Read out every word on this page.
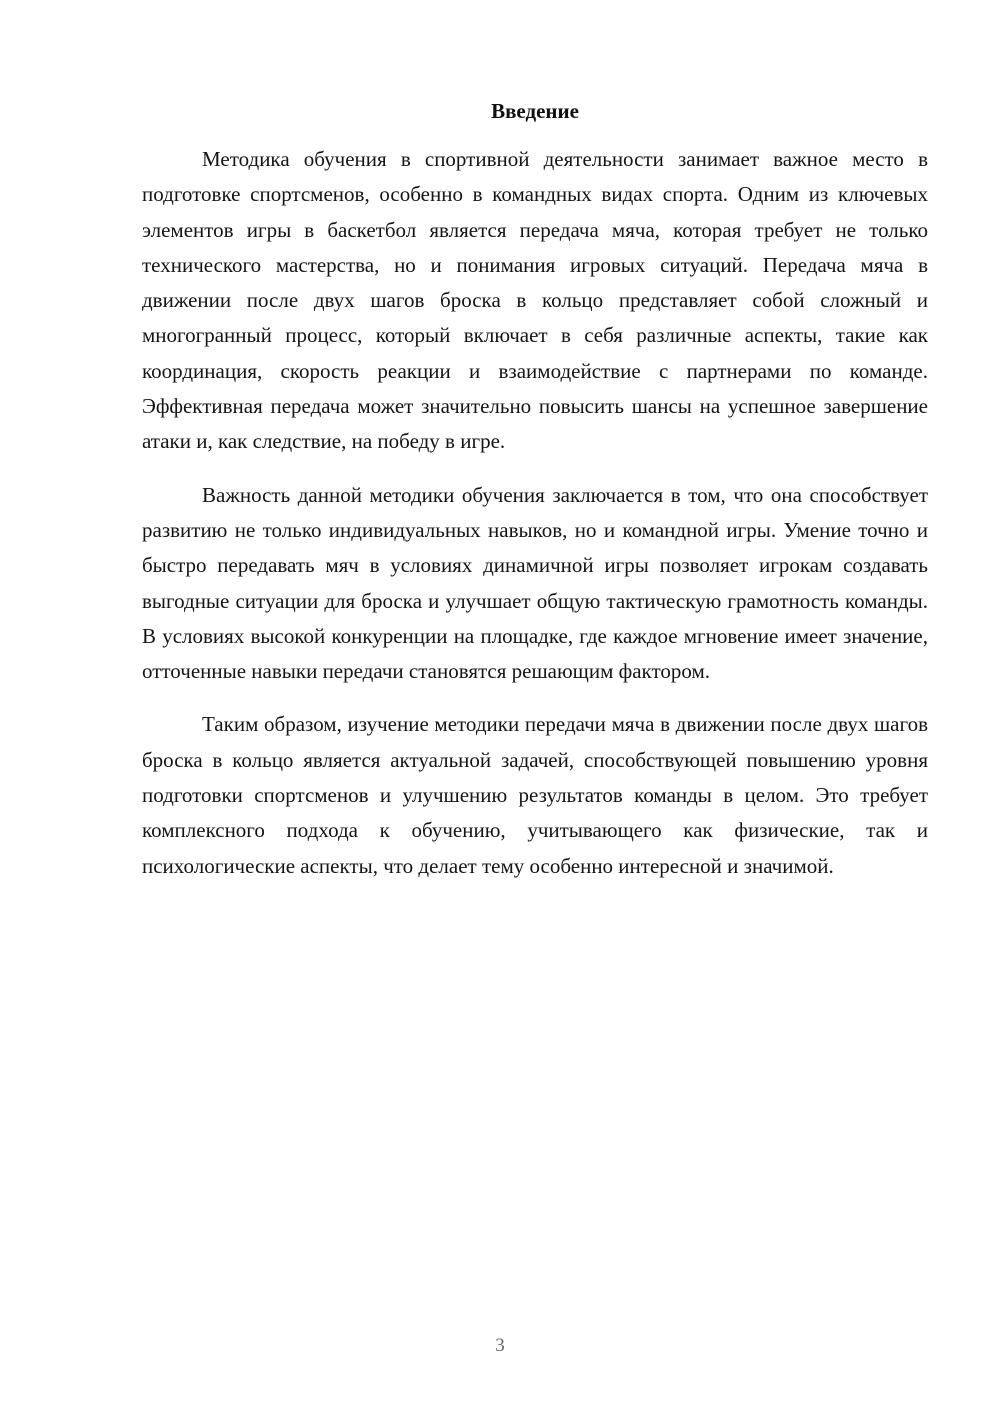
Введение

Методика обучения в спортивной деятельности занимает важное место в подготовке спортсменов, особенно в командных видах спорта. Одним из ключевых элементов игры в баскетбол является передача мяча, которая требует не только технического мастерства, но и понимания игровых ситуаций. Передача мяча в движении после двух шагов броска в кольцо представляет собой сложный и многогранный процесс, который включает в себя различные аспекты, такие как координация, скорость реакции и взаимодействие с партнерами по команде. Эффективная передача может значительно повысить шансы на успешное завершение атаки и, как следствие, на победу в игре.

Важность данной методики обучения заключается в том, что она способствует развитию не только индивидуальных навыков, но и командной игры. Умение точно и быстро передавать мяч в условиях динамичной игры позволяет игрокам создавать выгодные ситуации для броска и улучшает общую тактическую грамотность команды. В условиях высокой конкуренции на площадке, где каждое мгновение имеет значение, отточенные навыки передачи становятся решающим фактором.

Таким образом, изучение методики передачи мяча в движении после двух шагов броска в кольцо является актуальной задачей, способствующей повышению уровня подготовки спортсменов и улучшению результатов команды в целом. Это требует комплексного подхода к обучению, учитывающего как физические, так и психологические аспекты, что делает тему особенно интересной и значимой.

3
